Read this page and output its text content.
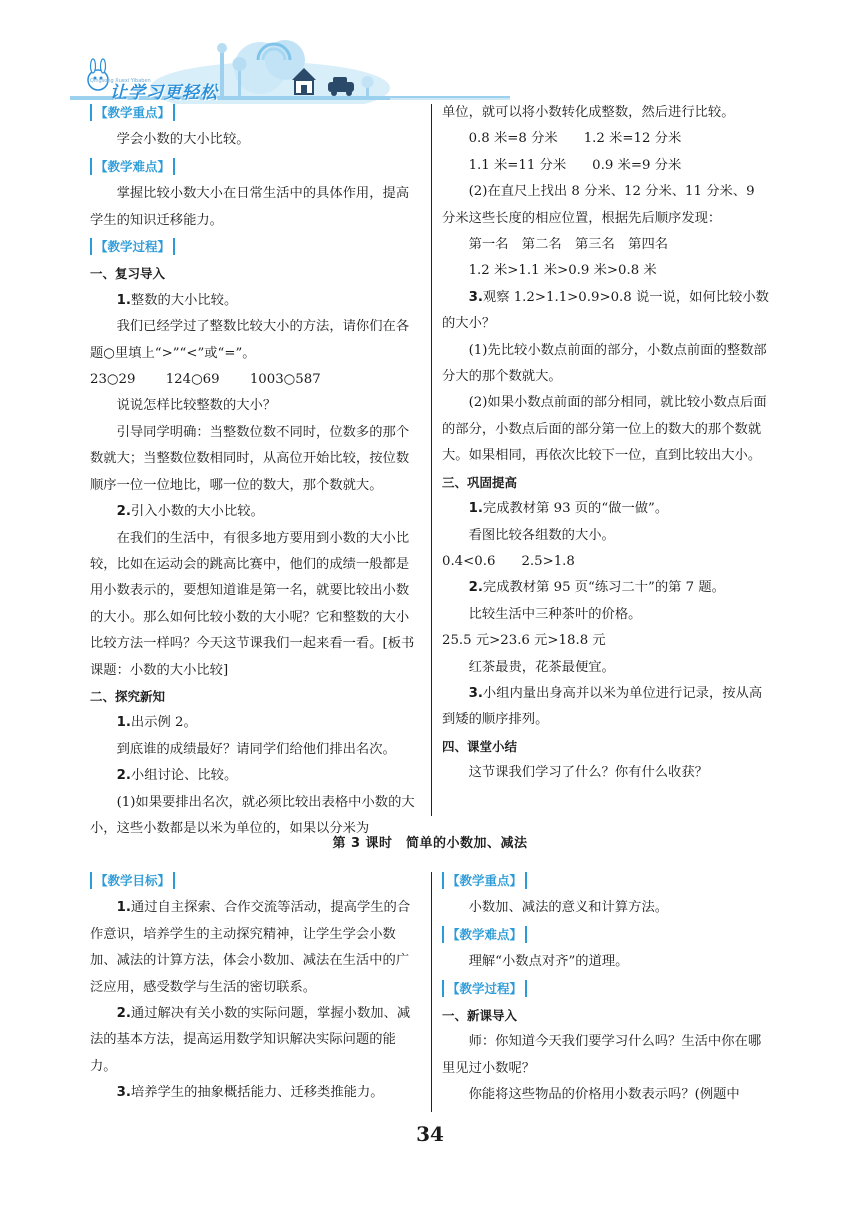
Qingsong Xuexi Yibaben
让学习更轻松
【教学重点】

学会小数的大小比较。

【教学难点】

掌握比较小数大小在日常生活中的具体作用，提高学生的知识迁移能力。

【教学过程】

一、复习导入

1.整数的大小比较。

我们已经学过了整数比较大小的方法，请你们在各题○里填上“>”“<”或“=”。

23○29 124○69 1003○587

说说怎样比较整数的大小？

引导同学明确：当整数位数不同时，位数多的那个数就大；当整数位数相同时，从高位开始比较，按位数顺序一位一位地比，哪一位的数大，那个数就大。

2.引入小数的大小比较。

在我们的生活中，有很多地方要用到小数的大小比较，比如在运动会的跳高比赛中，他们的成绩一般都是用小数表示的，要想知道谁是第一名，就要比较出小数的大小。那么如何比较小数的大小呢？它和整数的大小比较方法一样吗？今天这节课我们一起来看一看。[板书课题：小数的大小比较]

二、探究新知

1.出示例 2。

到底谁的成绩最好？请同学们给他们排出名次。

2.小组讨论、比较。

(1)如果要排出名次，就必须比较出表格中小数的大小，这些小数都是以米为单位的，如果以分米为

单位，就可以将小数转化成整数，然后进行比较。

0.8 米=8 分米 1.2 米=12 分米

1.1 米=11 分米 0.9 米=9 分米

(2)在直尺上找出 8 分米、12 分米、11 分米、9 分米这些长度的相应位置，根据先后顺序发现：

第一名　第二名　第三名　第四名

1.2 米>1.1 米>0.9 米>0.8 米

3.观察 1.2>1.1>0.9>0.8 说一说，如何比较小数的大小？

(1)先比较小数点前面的部分，小数点前面的整数部分大的那个数就大。

(2)如果小数点前面的部分相同，就比较小数点后面的部分，小数点后面的部分第一位上的数大的那个数就大。如果相同，再依次比较下一位，直到比较出大小。

三、巩固提高

1.完成教材第 93 页的“做一做”。

看图比较各组数的大小。

0.4<0.6 2.5>1.8

2.完成教材第 95 页“练习二十”的第 7 题。

比较生活中三种茶叶的价格。

25.5 元>23.6 元>18.8 元

红茶最贵，花茶最便宜。

3.小组内量出身高并以米为单位进行记录，按从高到矮的顺序排列。

四、课堂小结

这节课我们学习了什么？你有什么收获？

第 3 课时　简单的小数加、减法
【教学目标】

1.通过自主探索、合作交流等活动，提高学生的合作意识，培养学生的主动探究精神，让学生学会小数加、减法的计算方法，体会小数加、减法在生活中的广泛应用，感受数学与生活的密切联系。

2.通过解决有关小数的实际问题，掌握小数加、减法的基本方法，提高运用数学知识解决实际问题的能力。

3.培养学生的抽象概括能力、迁移类推能力。

【教学重点】

小数加、减法的意义和计算方法。

【教学难点】

理解“小数点对齐”的道理。

【教学过程】

一、新课导入

师：你知道今天我们要学习什么吗？生活中你在哪里见过小数呢？

你能将这些物品的价格用小数表示吗？(例题中

34
